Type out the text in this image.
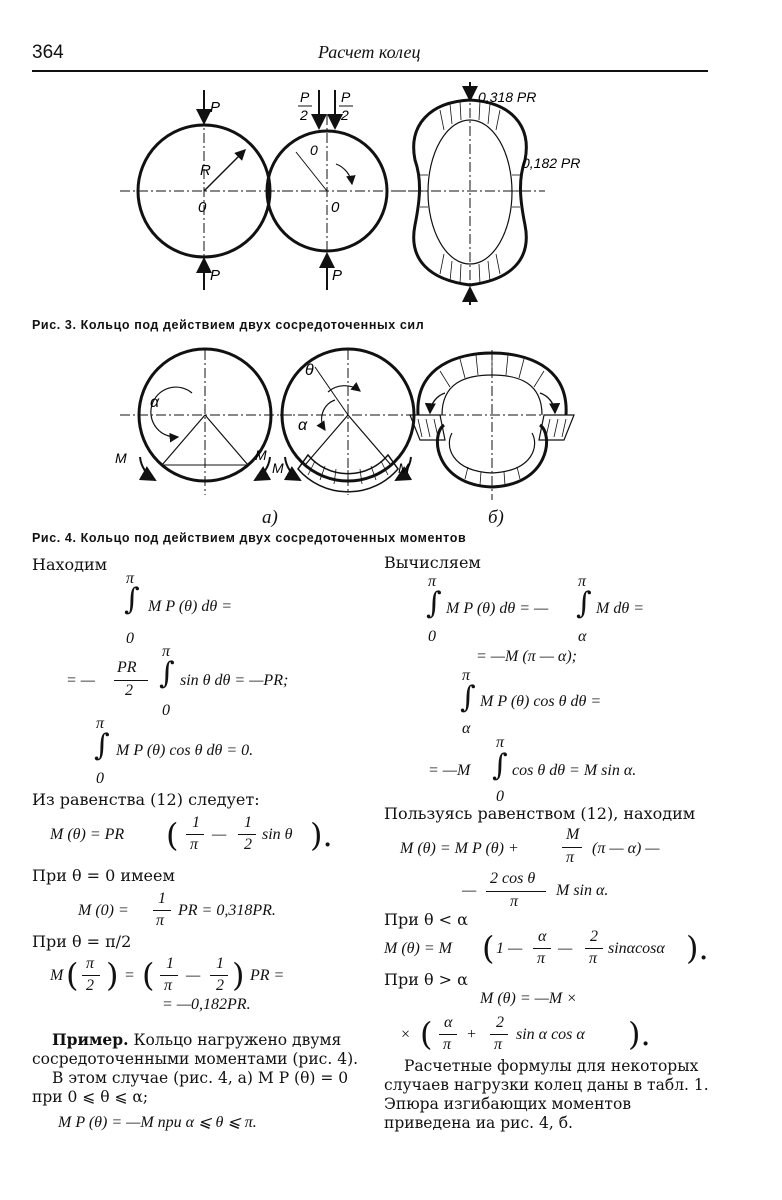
364	Расчет колец
P
P
R
0
P
2
P
2
0
0
P
0,318 PR
0,182 PR
Рис. 3. Кольцо под действием двух сосредоточенных сил
α
M	M
θ
α
M	M
а)	б)
Рис. 4. Кольцо под действием двух сосредоточенных моментов
Находим
π
∫ M P (θ) dθ =
0
π
= —
PR
2 ∫ sin θ dθ = —PR;
0
π
∫ M P (θ) cos θ dθ = 0.
0
Из равенства (12) следует:
M (θ) = PR ( 1
π
—
1
2
sin θ ).
При θ = 0 имеем
M (0) =
1
π
PR = 0,318PR.
При θ = π/2
M ( π
2 ) = ( 1
π
—
1
2 ) PR =
= —0,182PR.
Пример. Кольцо нагружено двумя сосредоточенными моментами (рис. 4).
В этом случае (рис. 4, а) M P (θ) = 0
при 0 ⩽ θ ⩽ α;
M P (θ) = —M при α ⩽ θ ⩽ π.
Вычисляем
π
∫ M P (θ) dθ = —
0
π
∫ M dθ =
α
= —M (π — α);
π
∫ M P (θ) cos θ dθ =
α
π
= —M ∫ cos θ dθ = M sin α.
0
Пользуясь равенством (12), находим
M (θ) = M P (θ) +
M
π
(π — α) —
—
2 cos θ
π
M sin α.
При θ < α
M (θ) = M ( 1 —
α
π
—
2
π
sinαcosα ).
При θ > α
M (θ) = —M ×
× ( α
π
+
2
π
sin α cos α ).
Расчетные формулы для некоторых случаев нагрузки колец даны в табл. 1. Эпюра изгибающих моментов приведена иа рис. 4, б.
